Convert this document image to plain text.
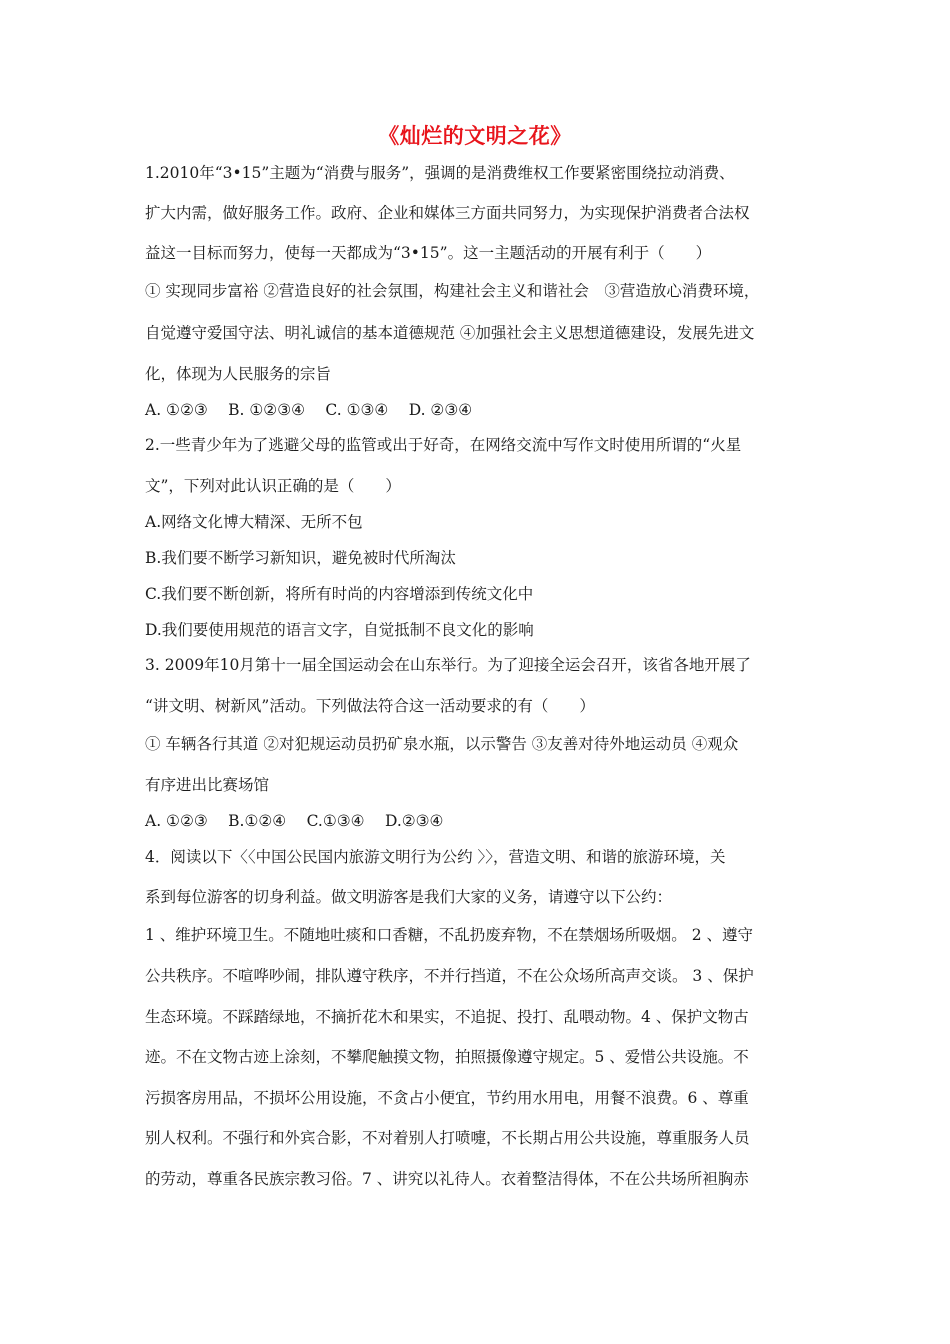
《灿烂的文明之花》
1.2010年“3•15”主题为“消费与服务”，强调的是消费维权工作要紧密围绕拉动消费、
扩大内需，做好服务工作。政府、企业和媒体三方面共同努力，为实现保护消费者合法权
益这一目标而努力，使每一天都成为“3•15”。这一主题活动的开展有利于（　　）
① 实现同步富裕 ②营造良好的社会氛围，构建社会主义和谐社会　③营造放心消费环境，
自觉遵守爱国守法、明礼诚信的基本道德规范 ④加强社会主义思想道德建设，发展先进文
化，体现为人民服务的宗旨
A. ①②③　 B. ①②③④　 C. ①③④　 D. ②③④
2.一些青少年为了逃避父母的监管或出于好奇，在网络交流中写作文时使用所谓的“火星
文”，下列对此认识正确的是（　　）
A.网络文化博大精深、无所不包
B.我们要不断学习新知识，避免被时代所淘汰
C.我们要不断创新，将所有时尚的内容增添到传统文化中
D.我们要使用规范的语言文字，自觉抵制不良文化的影响
3. 2009年10月第十一届全国运动会在山东举行。为了迎接全运会召开，该省各地开展了
“讲文明、树新风”活动。下列做法符合这一活动要求的有（　　）
① 车辆各行其道 ②对犯规运动员扔矿泉水瓶，以示警告 ③友善对待外地运动员 ④观众
有序进出比赛场馆
A. ①②③　 B.①②④　 C.①③④　 D.②③④
4．阅读以下〈〈中国公民国内旅游文明行为公约 〉〉，营造文明、和谐的旅游环境，关
系到每位游客的切身利益。做文明游客是我们大家的义务，请遵守以下公约：
1 、维护环境卫生。不随地吐痰和口香糖，不乱扔废弃物，不在禁烟场所吸烟。 2 、遵守
公共秩序。不喧哗吵闹，排队遵守秩序，不并行挡道，不在公众场所高声交谈。 3 、保护
生态环境。不踩踏绿地，不摘折花木和果实，不追捉、投打、乱喂动物。4 、保护文物古
迹。不在文物古迹上涂刻，不攀爬触摸文物，拍照摄像遵守规定。5 、爱惜公共设施。不
污损客房用品，不损坏公用设施，不贪占小便宜，节约用水用电，用餐不浪费。6 、尊重
别人权利。不强行和外宾合影，不对着别人打喷嚏，不长期占用公共设施，尊重服务人员
的劳动，尊重各民族宗教习俗。7 、讲究以礼待人。衣着整洁得体，不在公共场所袒胸赤
